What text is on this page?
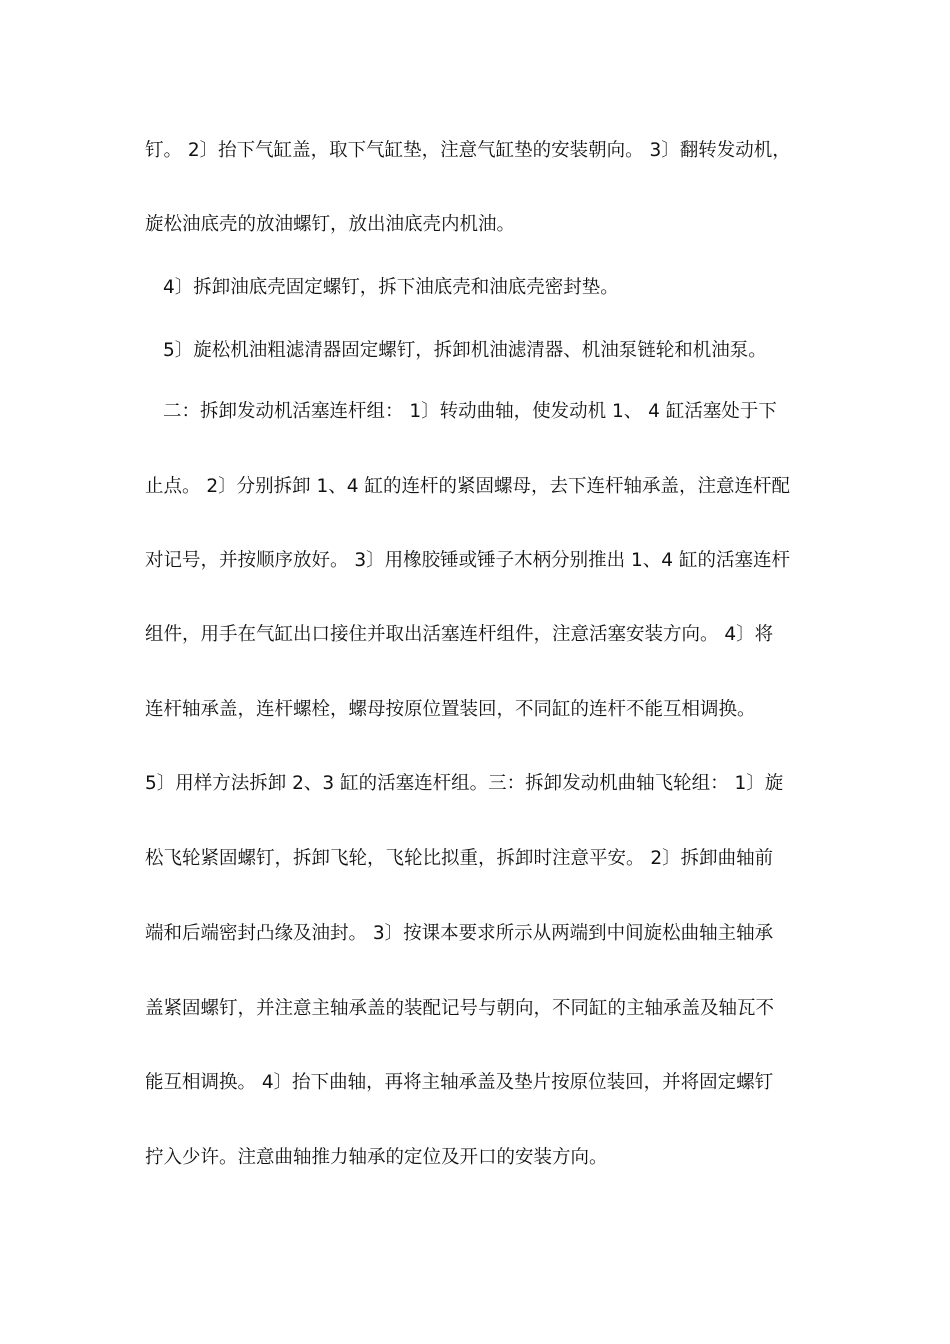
钉。 2〕抬下气缸盖，取下气缸垫，注意气缸垫的安装朝向。 3〕翻转发动机，
旋松油底壳的放油螺钉，放出油底壳内机油。
4〕拆卸油底壳固定螺钉，拆下油底壳和油底壳密封垫。
5〕旋松机油粗滤清器固定螺钉，拆卸机油滤清器、机油泵链轮和机油泵。
二：拆卸发动机活塞连杆组： 1〕转动曲轴，使发动机 1、 4 缸活塞处于下
止点。 2〕分别拆卸 1、4 缸的连杆的紧固螺母，去下连杆轴承盖，注意连杆配
对记号，并按顺序放好。 3〕用橡胶锤或锤子木柄分别推出 1、4 缸的活塞连杆
组件，用手在气缸出口接住并取出活塞连杆组件，注意活塞安装方向。 4〕将
连杆轴承盖，连杆螺栓，螺母按原位置装回，不同缸的连杆不能互相调换。
5〕用样方法拆卸 2、3 缸的活塞连杆组。三：拆卸发动机曲轴飞轮组： 1〕旋
松飞轮紧固螺钉，拆卸飞轮，飞轮比拟重，拆卸时注意平安。 2〕拆卸曲轴前
端和后端密封凸缘及油封。 3〕按课本要求所示从两端到中间旋松曲轴主轴承
盖紧固螺钉，并注意主轴承盖的装配记号与朝向，不同缸的主轴承盖及轴瓦不
能互相调换。 4〕抬下曲轴，再将主轴承盖及垫片按原位装回，并将固定螺钉
拧入少许。注意曲轴推力轴承的定位及开口的安装方向。
